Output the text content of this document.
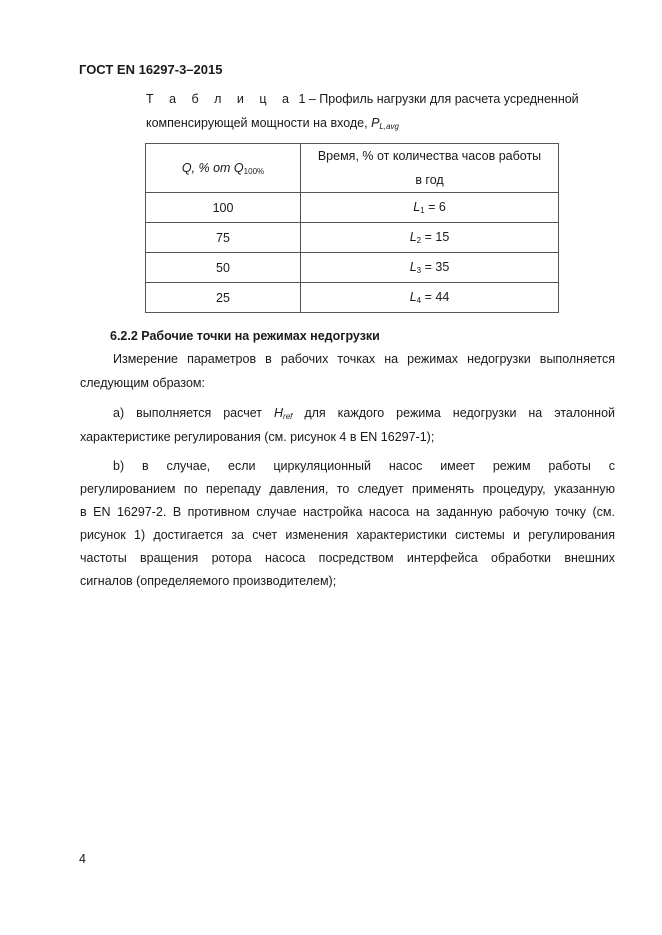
ГОСТ EN 16297-3–2015
Т а б л и ц а 1 – Профиль нагрузки для расчета усредненной
компенсирующей мощности на входе, $P_{L,avg}$
Q, % от $Q_{100\%}$	Время, % от количества часов работы
в год

100	$L_1 = 6$
75	$L_2 = 15$
50	$L_3 = 35$
25	$L_4 = 44$
6.2.2 Рабочие точки на режимах недогрузки
Измерение параметров в рабочих точках на режимах недогрузки выполняется
следующим образом:
а) выполняется расчет $H_{ref}$ для каждого режима недогрузки на эталонной
характеристике регулирования (см. рисунок 4 в EN 16297-1);
b) в случае, если циркуляционный насос имеет режим работы с
регулированием по перепаду давления, то следует применять процедуру, указанную
в EN 16297-2. В противном случае настройка насоса на заданную рабочую точку (см.
рисунок 1) достигается за счет изменения характеристики системы и регулирования
частоты вращения ротора насоса посредством интерфейса обработки внешних
сигналов (определяемого производителем);
4
